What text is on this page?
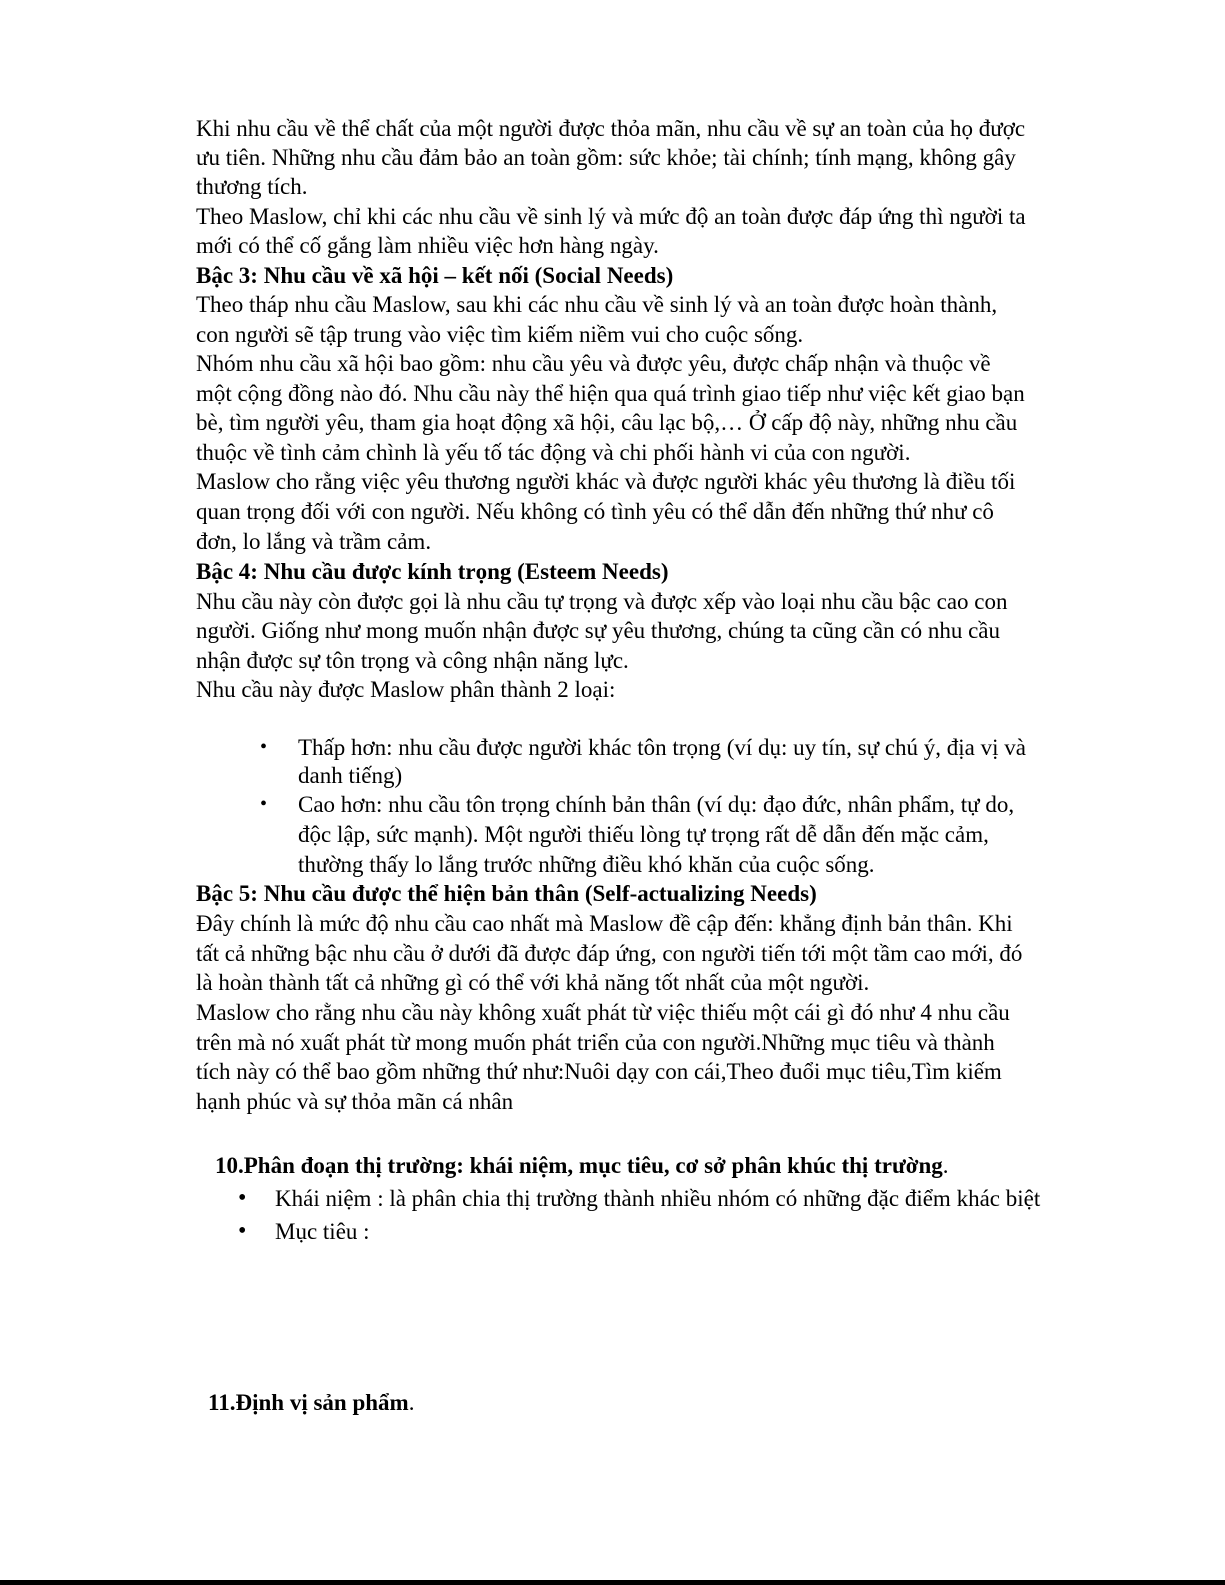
Khi nhu cầu về thể chất của một người được thỏa mãn, nhu cầu về sự an toàn của họ được
ưu tiên. Những nhu cầu đảm bảo an toàn gồm: sức khỏe; tài chính; tính mạng, không gây
thương tích.
Theo Maslow, chỉ khi các nhu cầu về sinh lý và mức độ an toàn được đáp ứng thì người ta
mới có thể cố gắng làm nhiều việc hơn hàng ngày.
Bậc 3: Nhu cầu về xã hội – kết nối (Social Needs)
Theo tháp nhu cầu Maslow, sau khi các nhu cầu về sinh lý và an toàn được hoàn thành,
con người sẽ tập trung vào việc tìm kiếm niềm vui cho cuộc sống.
Nhóm nhu cầu xã hội bao gồm: nhu cầu yêu và được yêu, được chấp nhận và thuộc về
một cộng đồng nào đó. Nhu cầu này thể hiện qua quá trình giao tiếp như việc kết giao bạn
bè, tìm người yêu, tham gia hoạt động xã hội, câu lạc bộ,… Ở cấp độ này, những nhu cầu
thuộc về tình cảm chình là yếu tố tác động và chi phối hành vi của con người.
Maslow cho rằng việc yêu thương người khác và được người khác yêu thương là điều tối
quan trọng đối với con người. Nếu không có tình yêu có thể dẫn đến những thứ như cô
đơn, lo lắng và trầm cảm.
Bậc 4: Nhu cầu được kính trọng (Esteem Needs)
Nhu cầu này còn được gọi là nhu cầu tự trọng và được xếp vào loại nhu cầu bậc cao con
người. Giống như mong muốn nhận được sự yêu thương, chúng ta cũng cần có nhu cầu
nhận được sự tôn trọng và công nhận năng lực.
Nhu cầu này được Maslow phân thành 2 loại:
• Thấp hơn: nhu cầu được người khác tôn trọng (ví dụ: uy tín, sự chú ý, địa vị và
danh tiếng)
• Cao hơn: nhu cầu tôn trọng chính bản thân (ví dụ: đạo đức, nhân phẩm, tự do,
độc lập, sức mạnh). Một người thiếu lòng tự trọng rất dễ dẫn đến mặc cảm,
thường thấy lo lắng trước những điều khó khăn của cuộc sống.
Bậc 5: Nhu cầu được thể hiện bản thân (Self-actualizing Needs)
Đây chính là mức độ nhu cầu cao nhất mà Maslow đề cập đến: khẳng định bản thân. Khi
tất cả những bậc nhu cầu ở dưới đã được đáp ứng, con người tiến tới một tầm cao mới, đó
là hoàn thành tất cả những gì có thể với khả năng tốt nhất của một người.
Maslow cho rằng nhu cầu này không xuất phát từ việc thiếu một cái gì đó như 4 nhu cầu
trên mà nó xuất phát từ mong muốn phát triển của con người.Những mục tiêu và thành
tích này có thể bao gồm những thứ như:Nuôi dạy con cái,Theo đuổi mục tiêu,Tìm kiếm
hạnh phúc và sự thỏa mãn cá nhân
10.Phân đoạn thị trường: khái niệm, mục tiêu, cơ sở phân khúc thị trường.
• Khái niệm : là phân chia thị trường thành nhiều nhóm có những đặc điểm khác biệt
• Mục tiêu :
11.Định vị sản phẩm.
